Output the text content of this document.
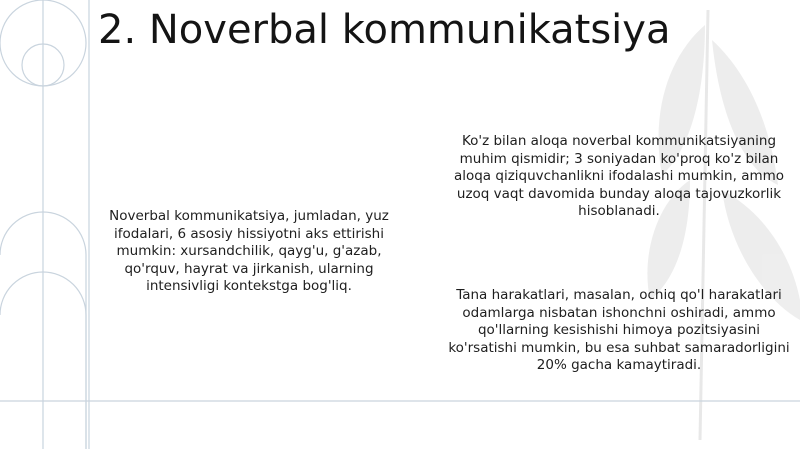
2. Noverbal kommunikatsiya

Noverbal kommunikatsiya, jumladan, yuz ifodalari, 6 asosiy hissiyotni aks ettirishi mumkin: xursandchilik, qayg'u, g'azab, qo'rquv, hayrat va jirkanish, ularning intensivligi kontekstga bog'liq.

Ko'z bilan aloqa noverbal kommunikatsiyaning muhim qismidir; 3 soniyadan ko'proq ko'z bilan aloqa qiziquvchanlikni ifodalashi mumkin, ammo uzoq vaqt davomida bunday aloqa tajovuzkorlik hisoblanadi.

Tana harakatlari, masalan, ochiq qo'l harakatlari odamlarga nisbatan ishonchni oshiradi, ammo qo'llarning kesishishi himoya pozitsiyasini ko'rsatishi mumkin, bu esa suhbat samaradorligini 20% gacha kamaytiradi.
